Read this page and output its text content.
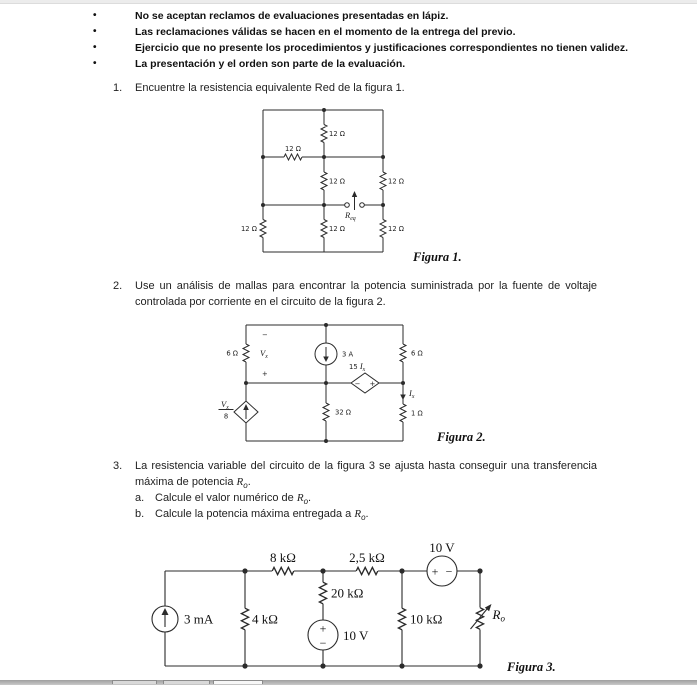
•	No se aceptan reclamos de evaluaciones presentadas en lápiz.
•	Las reclamaciones válidas se hacen en el momento de la entrega del previo.
•	Ejercicio que no presente los procedimientos y justificaciones correspondientes no tienen validez.
•	La presentación y el orden son parte de la evaluación.
1.	Encuentre la resistencia equivalente Red de la figura 1.
12 Ω
12 Ω
12 Ω	12 Ω
12 Ω	12 Ω	12 Ω
Req
Figura 1.
2.	Use un análisis de mallas para encontrar la potencia suministrada por la fuente de voltaje controlada por corriente en el circuito de la figura 2.
6 Ω
−
Vx
+
3 A	6 Ω
15 Ix
− +
32 Ω	1 Ω
Ix
Vx
8
Figura 2.
3.	La resistencia variable del circuito de la figura 3 se ajusta hasta conseguir una transferencia máxima de potencia $R_o$.
a. Calcule el valor numérico de $R_o$.
b. Calcule la potencia máxima entregada a $R_o$.
3 mA	4 kΩ
8 kΩ	2,5 kΩ
20 kΩ
+
− 10 V
10 V
+ −
10 kΩ	Ro
Figura 3.
